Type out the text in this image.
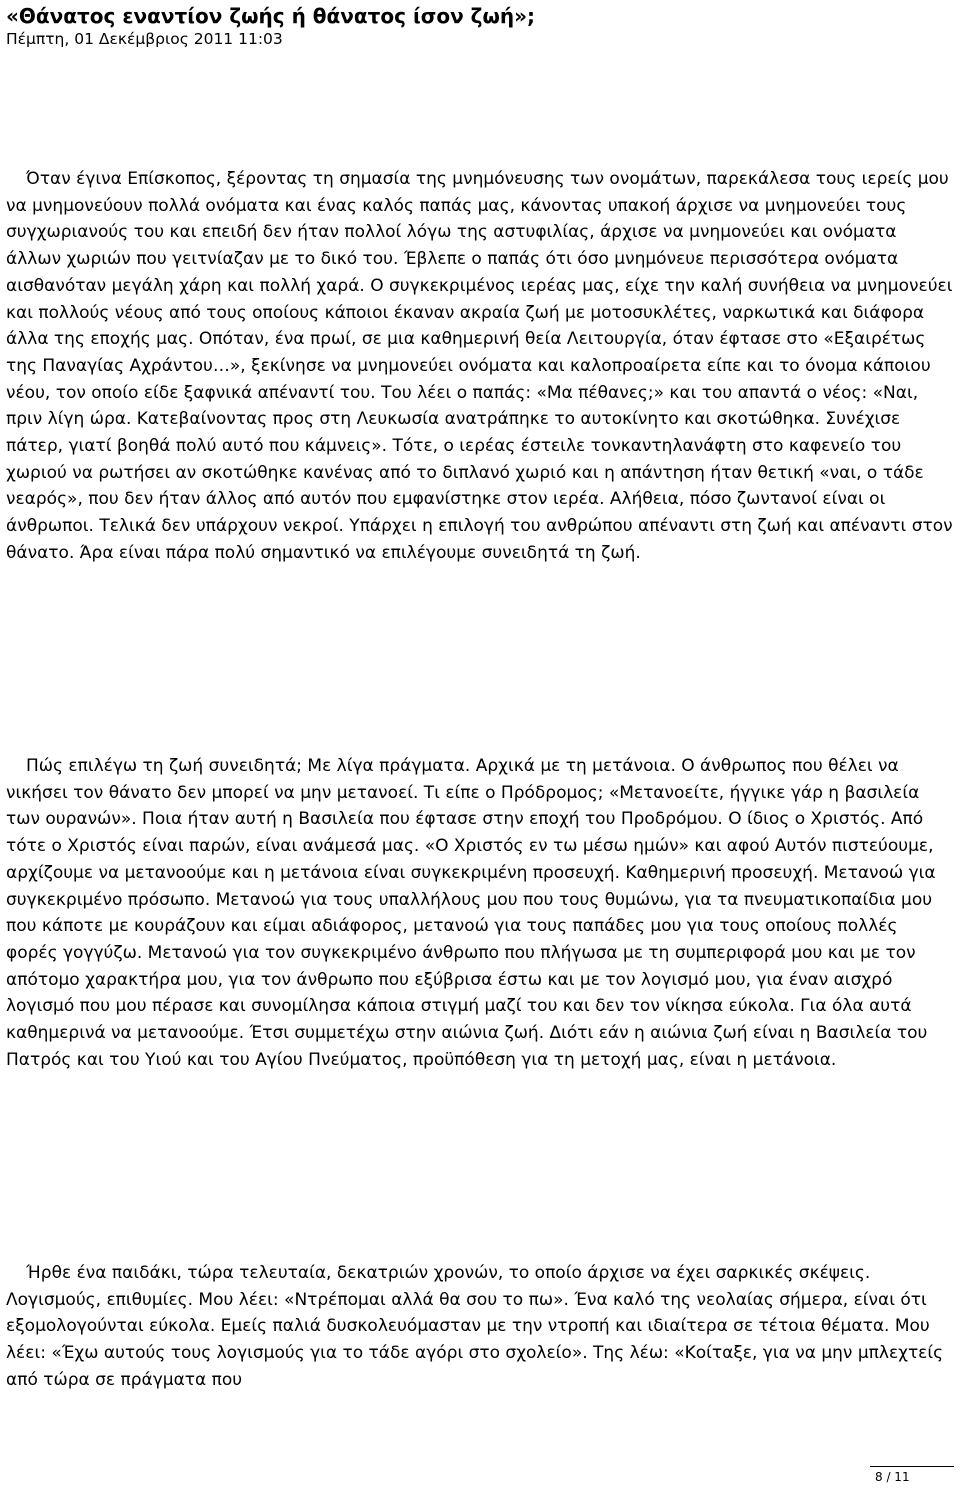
«Θάνατος εναντίον ζωής ή θάνατος ίσον ζωή»;
Πέμπτη, 01 Δεκέμβριος 2011 11:03

Όταν έγινα Επίσκοπος, ξέροντας τη σημασία της μνημόνευσης των ονομάτων, παρεκάλεσα τους ιερείς μου να μνημονεύουν πολλά ονόματα και ένας καλός παπάς μας, κάνοντας υπακοή άρχισε να μνημονεύει τους συγχωριανούς του και επειδή δεν ήταν πολλοί λόγω της αστυφιλίας, άρχισε να μνημονεύει και ονόματα άλλων χωριών που γειτνίαζαν με το δικό του. Έβλεπε ο παπάς ότι όσο μνημόνευε περισσότερα ονόματα αισθανόταν μεγάλη χάρη και πολλή χαρά. Ο συγκεκριμένος ιερέας μας, είχε την καλή συνήθεια να μνημονεύει και πολλούς νέους από τους οποίους κάποιοι έκαναν ακραία ζωή με μοτοσυκλέτες, ναρκωτικά και διάφορα άλλα της εποχής μας. Οπόταν, ένα πρωί, σε μια καθημερινή θεία Λειτουργία, όταν έφτασε στο «Εξαιρέτως της Παναγίας Αχράντου…», ξεκίνησε να μνημονεύει ονόματα και καλοπροαίρετα είπε και το όνομα κάποιου νέου, τον οποίο είδε ξαφνικά απέναντί του. Του λέει ο παπάς: «Μα πέθανες;» και του απαντά ο νέος: «Ναι, πριν λίγη ώρα. Κατεβαίνοντας προς στη Λευκωσία ανατράπηκε το αυτοκίνητο και σκοτώθηκα. Συνέχισε πάτερ, γιατί βοηθά πολύ αυτό που κάμνεις». Τότε, ο ιερέας έστειλε τονκαντηλανάφτη στο καφενείο του χωριού να ρωτήσει αν σκοτώθηκε κανένας από το διπλανό χωριό και η απάντηση ήταν θετική «ναι, ο τάδε νεαρός», που δεν ήταν άλλος από αυτόν που εμφανίστηκε στον ιερέα. Αλήθεια, πόσο ζωντανοί είναι οι άνθρωποι. Τελικά δεν υπάρχουν νεκροί. Υπάρχει η επιλογή του ανθρώπου απέναντι στη ζωή και απέναντι στον θάνατο. Άρα είναι πάρα πολύ σημαντικό να επιλέγουμε συνειδητά τη ζωή.

Πώς επιλέγω τη ζωή συνειδητά; Με λίγα πράγματα. Αρχικά με τη μετάνοια. Ο άνθρωπος που θέλει να νικήσει τον θάνατο δεν μπορεί να μην μετανοεί. Τι είπε ο Πρόδρομος; «Μετανοείτε, ήγγικε γάρ η βασιλεία των ουρανών». Ποια ήταν αυτή η Βασιλεία που έφτασε στην εποχή του Προδρόμου. Ο ίδιος ο Χριστός. Από τότε ο Χριστός είναι παρών, είναι ανάμεσά μας. «Ο Χριστός εν τω μέσω ημών» και αφού Αυτόν πιστεύουμε, αρχίζουμε να μετανοούμε και η μετάνοια είναι συγκεκριμένη προσευχή. Καθημερινή προσευχή. Μετανοώ για συγκεκριμένο πρόσωπο. Μετανοώ για τους υπαλλήλους μου που τους θυμώνω, για τα πνευματικοπαίδια μου που κάποτε με κουράζουν και είμαι αδιάφορος, μετανοώ για τους παπάδες μου για τους οποίους πολλές φορές γογγύζω. Μετανοώ για τον συγκεκριμένο άνθρωπο που πλήγωσα με τη συμπεριφορά μου και με τον απότομο χαρακτήρα μου, για τον άνθρωπο που εξύβρισα έστω και με τον λογισμό μου, για έναν αισχρό λογισμό που μου πέρασε και συνομίλησα κάποια στιγμή μαζί του και δεν τον νίκησα εύκολα. Για όλα αυτά καθημερινά να μετανοούμε. Έτσι συμμετέχω στην αιώνια ζωή. Διότι εάν η αιώνια ζωή είναι η Βασιλεία του Πατρός και του Υιού και του Αγίου Πνεύματος, προϋπόθεση για τη μετοχή μας, είναι η μετάνοια.

Ήρθε ένα παιδάκι, τώρα τελευταία, δεκατριών χρονών, το οποίο άρχισε να έχει σαρκικές σκέψεις. Λογισμούς, επιθυμίες. Μου λέει: «Ντρέπομαι αλλά θα σου το πω». Ένα καλό της νεολαίας σήμερα, είναι ότι εξομολογούνται εύκολα. Εμείς παλιά δυσκολευόμασταν με την ντροπή και ιδιαίτερα σε τέτοια θέματα. Μου λέει: «Έχω αυτούς τους λογισμούς για το τάδε αγόρι στο σχολείο». Της λέω: «Κοίταξε, για να μην μπλεχτείς από τώρα σε πράγματα που

8 / 11
